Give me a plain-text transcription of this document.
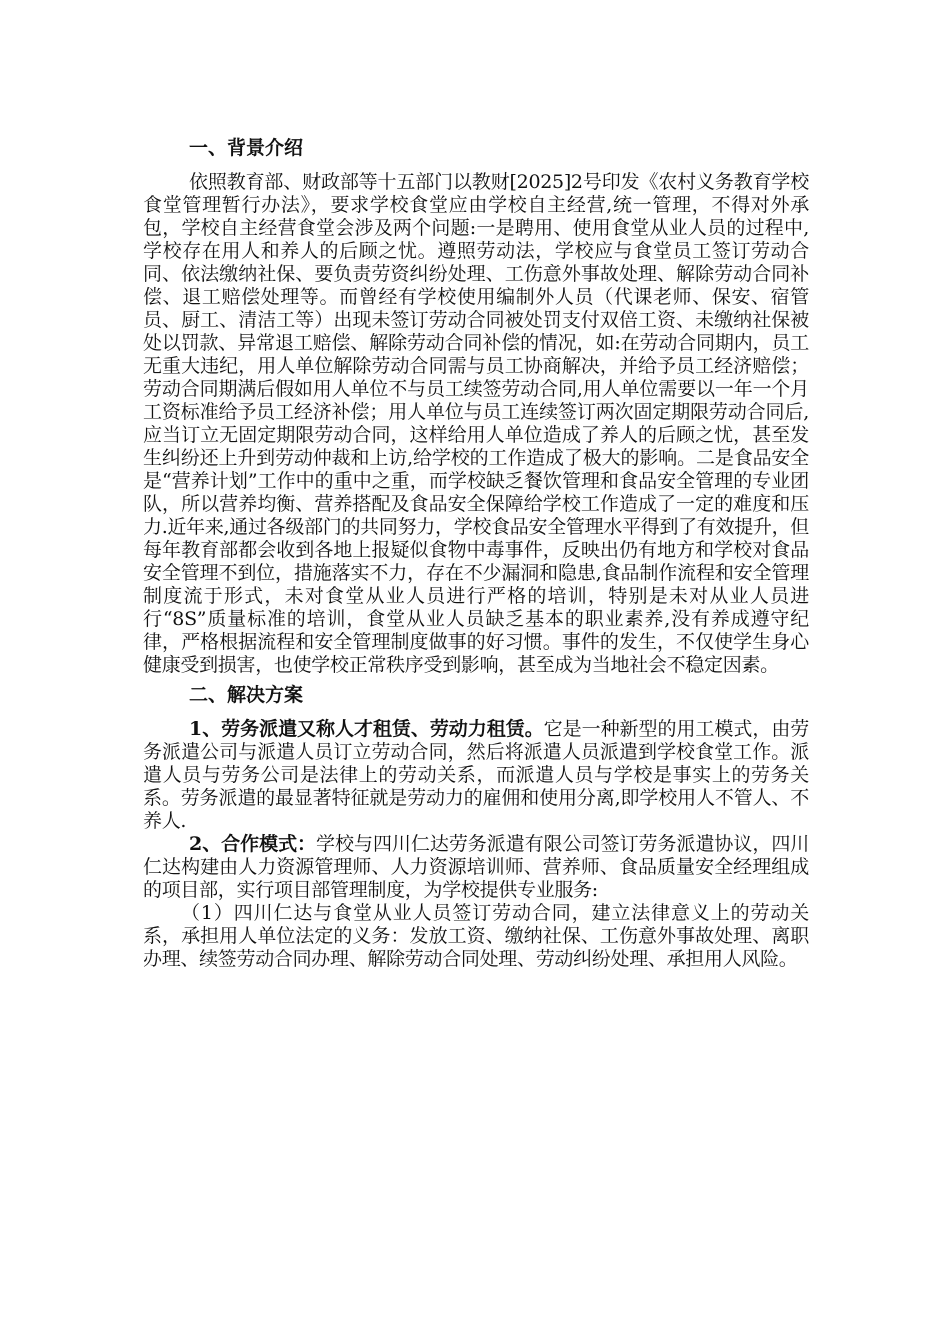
一、背景介绍

依照教育部、财政部等十五部门以教财[2025]2号印发《农村义务教育学校食堂管理暂行办法》，要求学校食堂应由学校自主经营,统一管理，不得对外承包，学校自主经营食堂会涉及两个问题:一是聘用、使用食堂从业人员的过程中,学校存在用人和养人的后顾之忧。遵照劳动法，学校应与食堂员工签订劳动合同、依法缴纳社保、要负责劳资纠纷处理、工伤意外事故处理、解除劳动合同补偿、退工赔偿处理等。而曾经有学校使用编制外人员（代课老师、保安、宿管员、厨工、清洁工等）出现未签订劳动合同被处罚支付双倍工资、未缴纳社保被处以罚款、异常退工赔偿、解除劳动合同补偿的情况，如:在劳动合同期内，员工无重大违纪，用人单位解除劳动合同需与员工协商解决，并给予员工经济赔偿；劳动合同期满后假如用人单位不与员工续签劳动合同,用人单位需要以一年一个月工资标准给予员工经济补偿；用人单位与员工连续签订两次固定期限劳动合同后,应当订立无固定期限劳动合同，这样给用人单位造成了养人的后顾之忧，甚至发生纠纷还上升到劳动仲裁和上访,给学校的工作造成了极大的影响。二是食品安全是“营养计划”工作中的重中之重，而学校缺乏餐饮管理和食品安全管理的专业团队，所以营养均衡、营养搭配及食品安全保障给学校工作造成了一定的难度和压力.近年来,通过各级部门的共同努力，学校食品安全管理水平得到了有效提升，但每年教育部都会收到各地上报疑似食物中毒事件，反映出仍有地方和学校对食品安全管理不到位，措施落实不力，存在不少漏洞和隐患,食品制作流程和安全管理制度流于形式，未对食堂从业人员进行严格的培训，特别是未对从业人员进行“8S”质量标准的培训，食堂从业人员缺乏基本的职业素养,没有养成遵守纪律，严格根据流程和安全管理制度做事的好习惯。事件的发生，不仅使学生身心健康受到损害，也使学校正常秩序受到影响，甚至成为当地社会不稳定因素。

二、解决方案

1、劳务派遣又称人才租赁、劳动力租赁。它是一种新型的用工模式，由劳务派遣公司与派遣人员订立劳动合同，然后将派遣人员派遣到学校食堂工作。派遣人员与劳务公司是法律上的劳动关系，而派遣人员与学校是事实上的劳务关系。劳务派遣的最显著特征就是劳动力的雇佣和使用分离,即学校用人不管人、不养人.

2、合作模式：学校与四川仁达劳务派遣有限公司签订劳务派遣协议，四川仁达构建由人力资源管理师、人力资源培训师、营养师、食品质量安全经理组成的项目部，实行项目部管理制度，为学校提供专业服务:

（1）四川仁达与食堂从业人员签订劳动合同，建立法律意义上的劳动关系，承担用人单位法定的义务：发放工资、缴纳社保、工伤意外事故处理、离职办理、续签劳动合同办理、解除劳动合同处理、劳动纠纷处理、承担用人风险。
